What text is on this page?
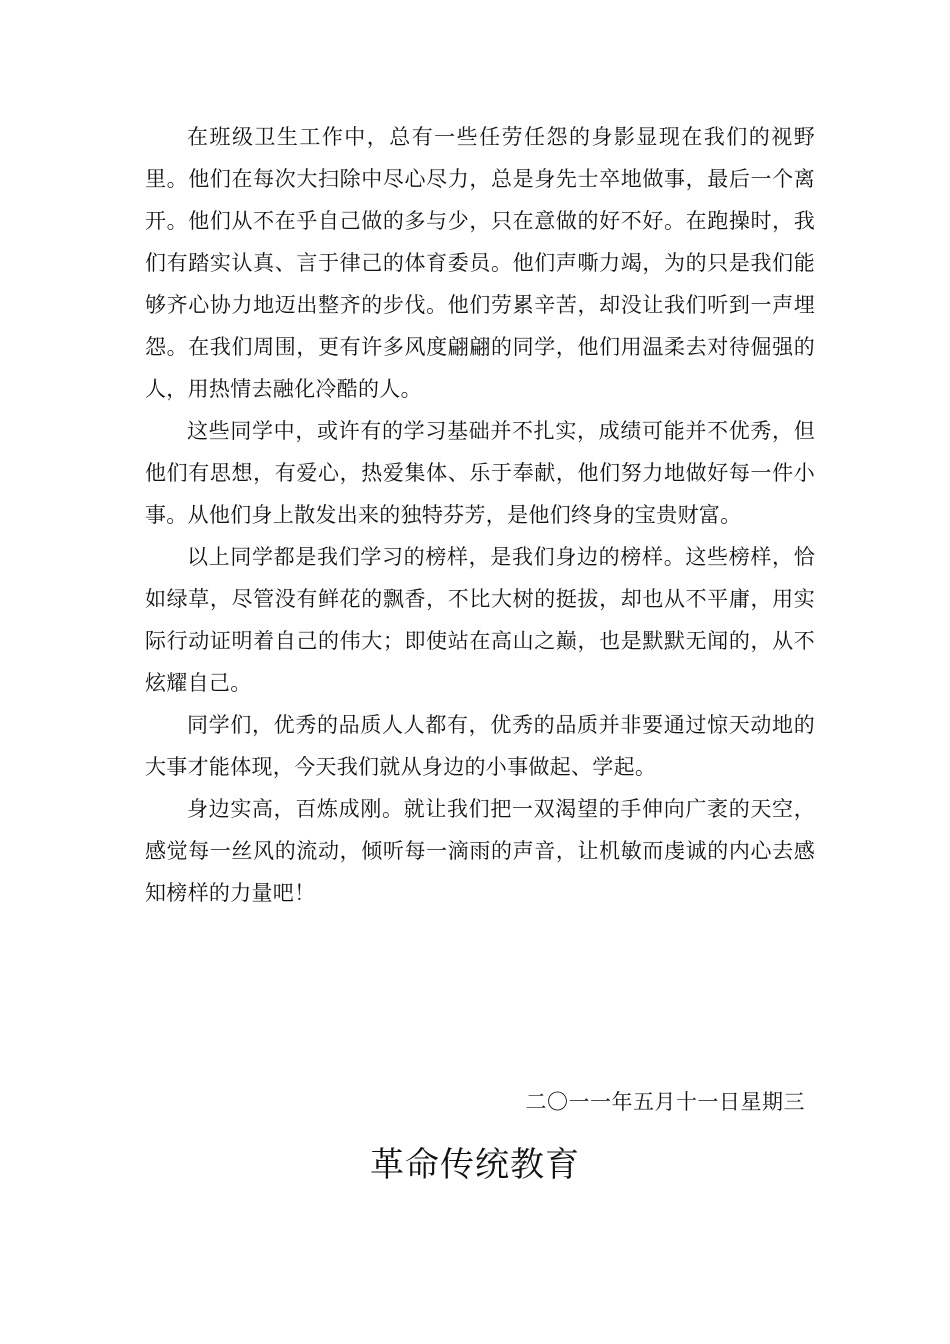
在班级卫生工作中，总有一些任劳任怨的身影显现在我们的视野里。他们在每次大扫除中尽心尽力，总是身先士卒地做事，最后一个离开。他们从不在乎自己做的多与少，只在意做的好不好。在跑操时，我们有踏实认真、言于律己的体育委员。他们声嘶力竭，为的只是我们能够齐心协力地迈出整齐的步伐。他们劳累辛苦，却没让我们听到一声埋怨。在我们周围，更有许多风度翩翩的同学，他们用温柔去对待倔强的人，用热情去融化冷酷的人。

这些同学中，或许有的学习基础并不扎实，成绩可能并不优秀，但他们有思想，有爱心，热爱集体、乐于奉献，他们努力地做好每一件小事。从他们身上散发出来的独特芬芳，是他们终身的宝贵财富。

以上同学都是我们学习的榜样，是我们身边的榜样。这些榜样，恰如绿草，尽管没有鲜花的飘香，不比大树的挺拔，却也从不平庸，用实际行动证明着自己的伟大；即使站在高山之巅，也是默默无闻的，从不炫耀自己。

同学们，优秀的品质人人都有，优秀的品质并非要通过惊天动地的大事才能体现，今天我们就从身边的小事做起、学起。

身边实高，百炼成刚。就让我们把一双渴望的手伸向广袤的天空，感觉每一丝风的流动，倾听每一滴雨的声音，让机敏而虔诚的内心去感知榜样的力量吧！

二〇一一年五月十一日星期三
革命传统教育
